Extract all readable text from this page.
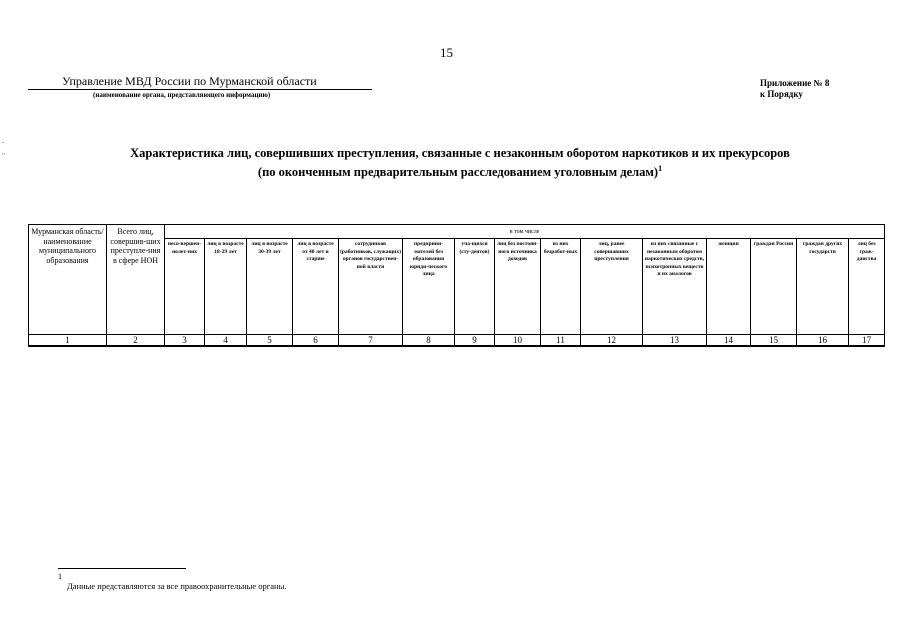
15
Управление МВД России по Мурманской области
(наименование органа, представляющего информацию)
Приложение № 8
к Порядку
Характеристика лиц, совершивших преступления, связанные с незаконным оборотом наркотиков и их прекурсоров
(по оконченным предварительным расследованием уголовным делам)$^1$
-
"
Мурманская область/ наименование муниципального образования	Всего лиц, совершив-ших преступле-ния в сфере НОН	в том числе														
		несо-вершен-нолет-них	лиц в возрасте 18-29 лет	лиц в возрасте 30-39 лет	лиц в возрасте от 40 лет и старше	сотрудников (работников, служащих) органов государствен-ной власти	предприни-мателей без образования юриди-ческого лица	уча-щихся (сту-дентов)	лиц без постоян-ного источника доходов	из них безработ-ных	лиц, ранее совершавших преступления	из них связанные с незаконным оборотом наркотических средств, психотропных веществ и их аналогов	женщин	граждан России	граждан других государств	лиц без граж-данства
1	2	3	4	5	6	7	8	9	10	11	12	13	14	15	16	17
1
Данные представляются за все правоохранительные органы.
